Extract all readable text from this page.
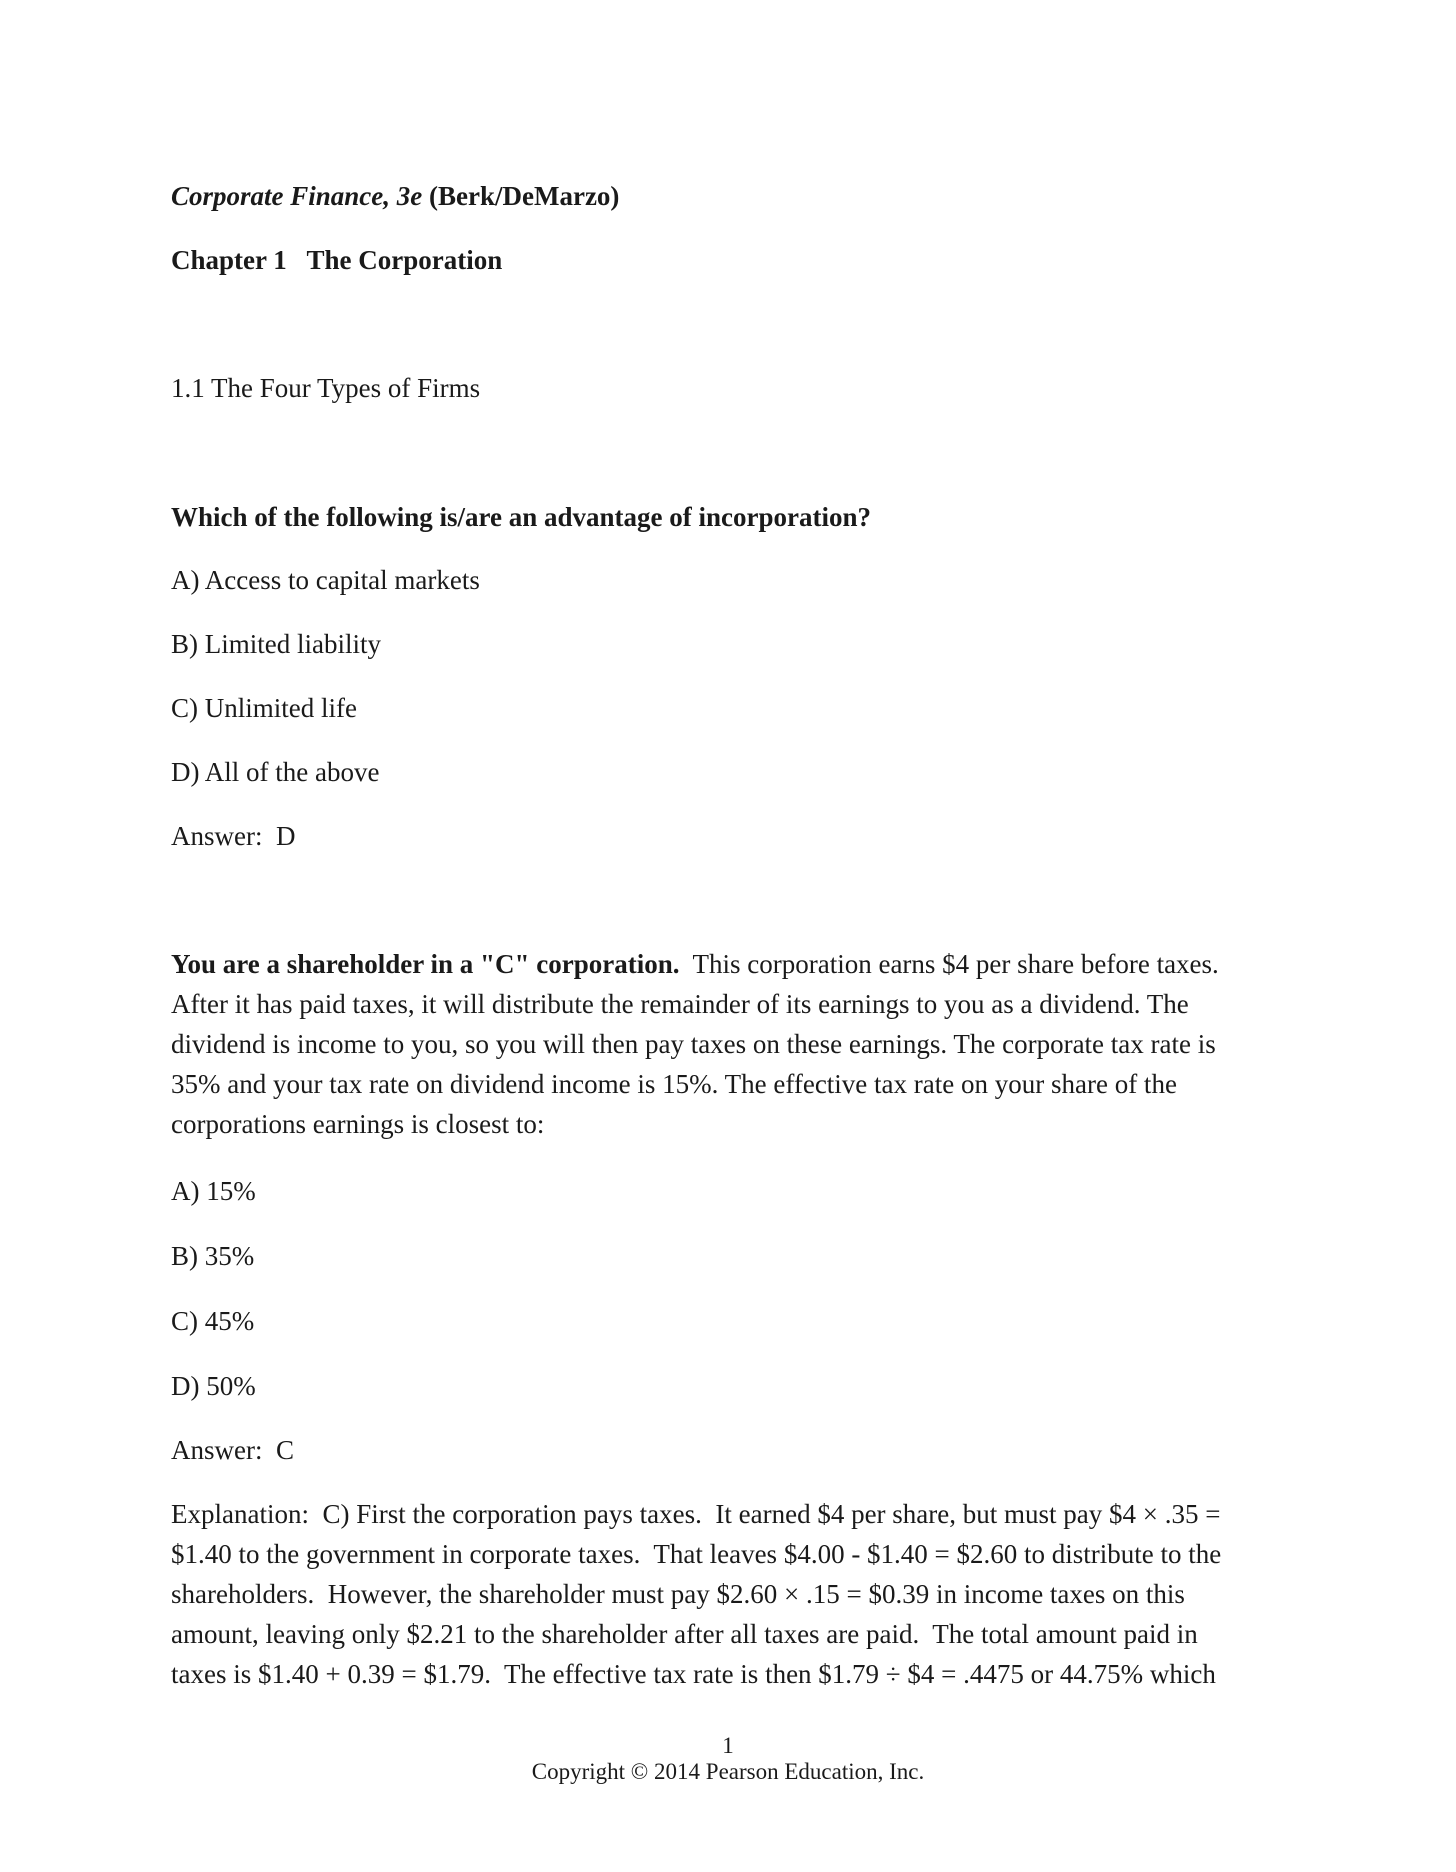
Corporate Finance, 3e (Berk/DeMarzo)
Chapter 1   The Corporation
1.1 The Four Types of Firms
Which of the following is/are an advantage of incorporation?
A) Access to capital markets
B) Limited liability
C) Unlimited life
D) All of the above
Answer:  D

You are a shareholder in a "C" corporation.  This corporation earns $4 per share before taxes.

After it has paid taxes, it will distribute the remainder of its earnings to you as a dividend. The

dividend is income to you, so you will then pay taxes on these earnings. The corporate tax rate is

35% and your tax rate on dividend income is 15%. The effective tax rate on your share of the

corporations earnings is closest to:

A) 15%
B) 35%
C) 45%
D) 50%
Answer:  C

Explanation:  C) First the corporation pays taxes.  It earned $4 per share, but must pay $4 × .35 =

$1.40 to the government in corporate taxes.  That leaves $4.00 - $1.40 = $2.60 to distribute to the

shareholders.  However, the shareholder must pay $2.60 × .15 = $0.39 in income taxes on this

amount, leaving only $2.21 to the shareholder after all taxes are paid.  The total amount paid in

taxes is $1.40 + 0.39 = $1.79.  The effective tax rate is then $1.79 ÷ $4 = .4475 or 44.75% which

1
Copyright © 2014 Pearson Education, Inc.
